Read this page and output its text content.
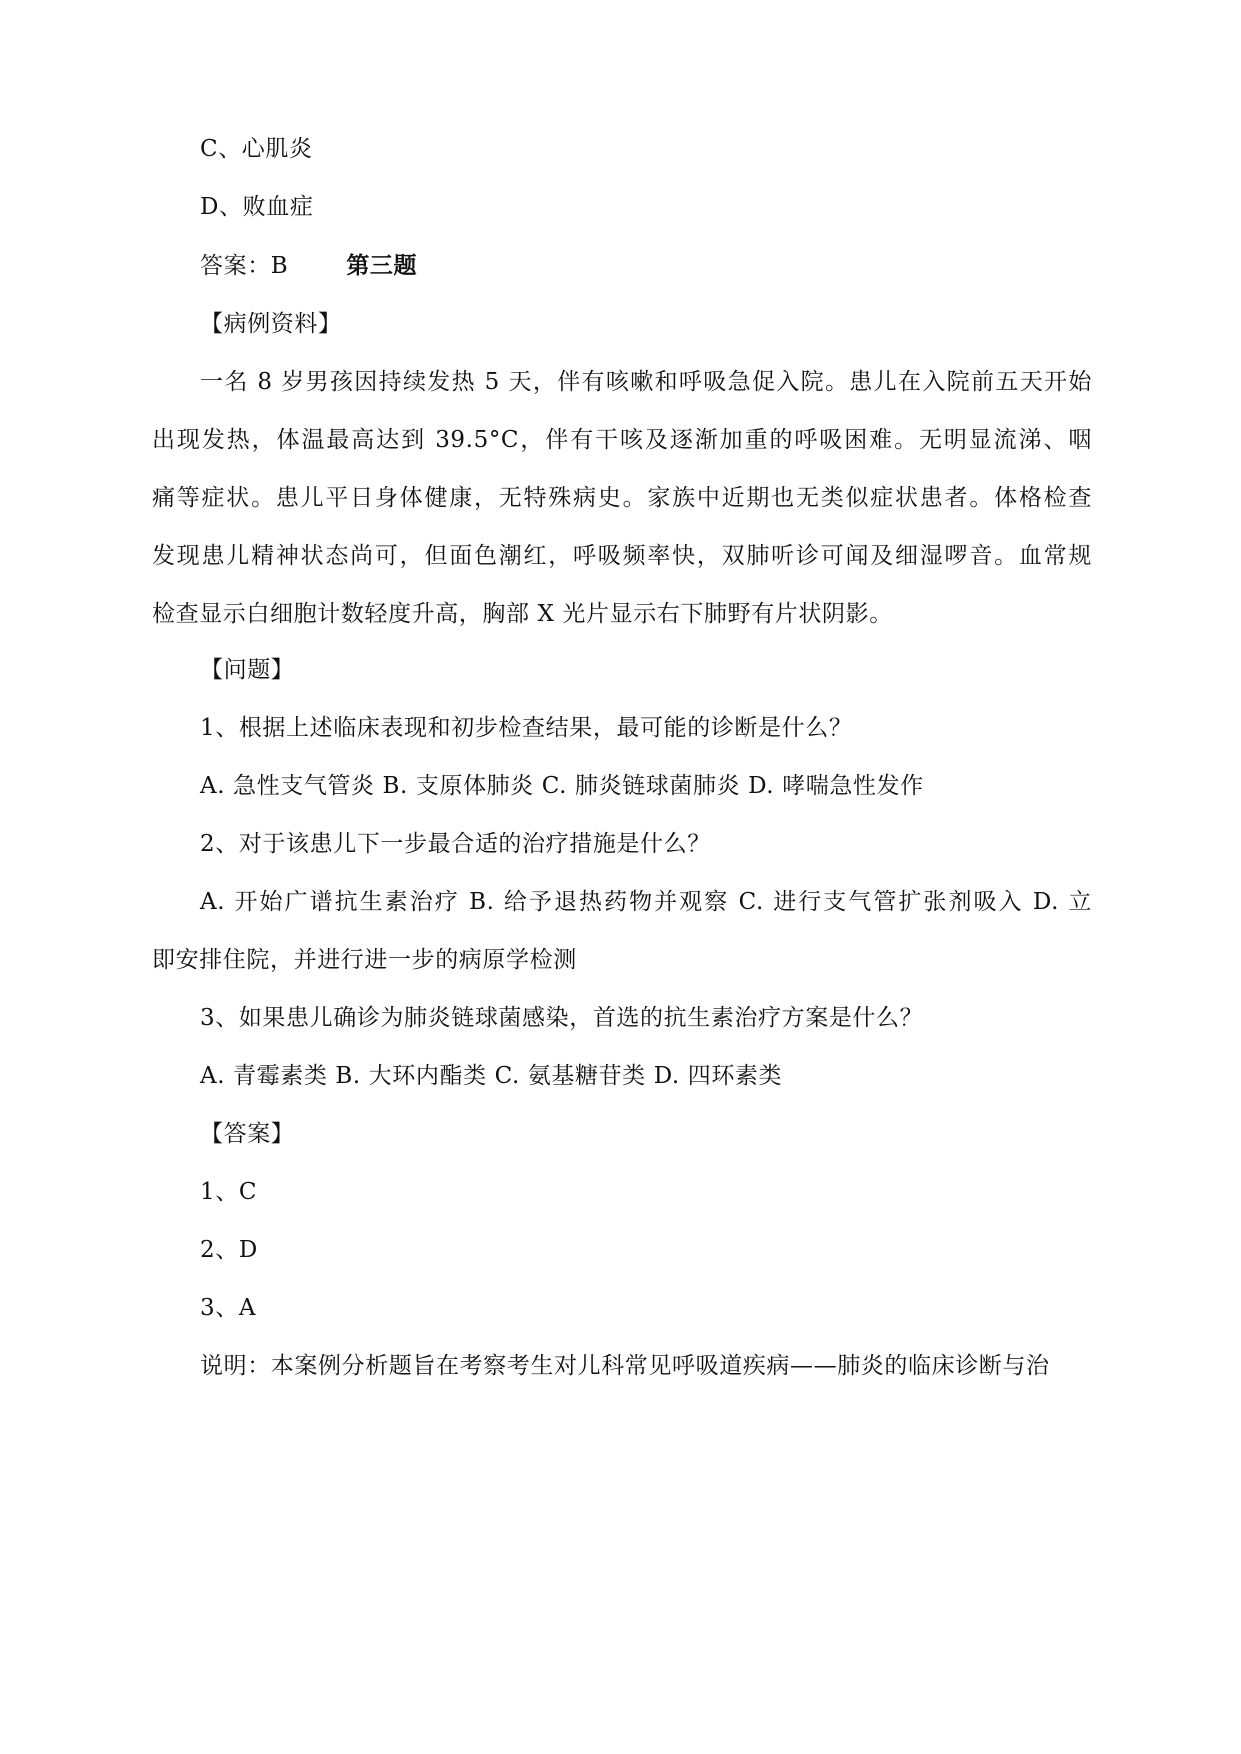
C、心肌炎
D、败血症
答案：B	第三题
【病例资料】
一名 8 岁男孩因持续发热 5 天，伴有咳嗽和呼吸急促入院。患儿在入院前五天开始
出现发热，体温最高达到 39.5°C，伴有干咳及逐渐加重的呼吸困难。无明显流涕、咽
痛等症状。患儿平日身体健康，无特殊病史。家族中近期也无类似症状患者。体格检查
发现患儿精神状态尚可，但面色潮红，呼吸频率快，双肺听诊可闻及细湿啰音。血常规
检查显示白细胞计数轻度升高，胸部 X 光片显示右下肺野有片状阴影。
【问题】
1、根据上述临床表现和初步检查结果，最可能的诊断是什么？
A. 急性支气管炎 B. 支原体肺炎 C. 肺炎链球菌肺炎 D. 哮喘急性发作
2、对于该患儿下一步最合适的治疗措施是什么？
A. 开始广谱抗生素治疗 B. 给予退热药物并观察 C. 进行支气管扩张剂吸入 D. 立
即安排住院，并进行进一步的病原学检测
3、如果患儿确诊为肺炎链球菌感染，首选的抗生素治疗方案是什么？
A. 青霉素类 B. 大环内酯类 C. 氨基糖苷类 D. 四环素类
【答案】
1、C
2、D
3、A
说明：本案例分析题旨在考察考生对儿科常见呼吸道疾病——肺炎的临床诊断与治
